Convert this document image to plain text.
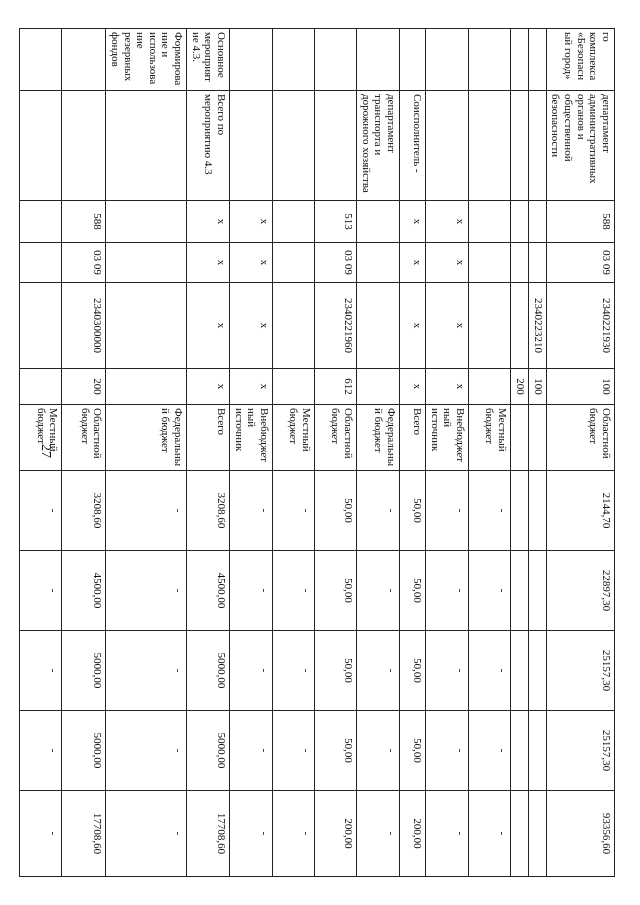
27
го комплекса «Безопасный город»	департамент административных органов и общественной безопасности	588	03 09	2340221930	100	Областной бюджет	2144,70	22897,30	25157,30	25157,30	93356,60
				2340223210	100						
					200						
						Местный бюджет	-	-	-	-	-
		х	х	х	х	Внебюджетный источник	-	-	-	-	-
	Соисполнитель -	х	х	х	х	Всего	50,00	50,00	50,00	50,00	200,00
	департамент транспорта и дорожного хозяйства					Федеральный бюджет	-	-	-	-	-
		513	03 09	2340221960	612	Областной бюджет	50,00	50,00	50,00	50,00	200,00
						Местный бюджет	-	-	-	-	-
		х	х	х	х	Внебюджетный источник	-	-	-	-	-
Основное мероприятие 4.3.	Всего по мероприятию 4.3	х	х	х	х	Всего	3208,60	4500,00	5000,00	5000,00	17708,60
Формирование и использование резервных фондов						Федеральный бюджет	-	-	-	-	-
		588	03 09	2340300000	200	Областной бюджет	3208,60	4500,00	5000,00	5000,00	17708,60
						Местный бюджет	-	-	-	-	-
